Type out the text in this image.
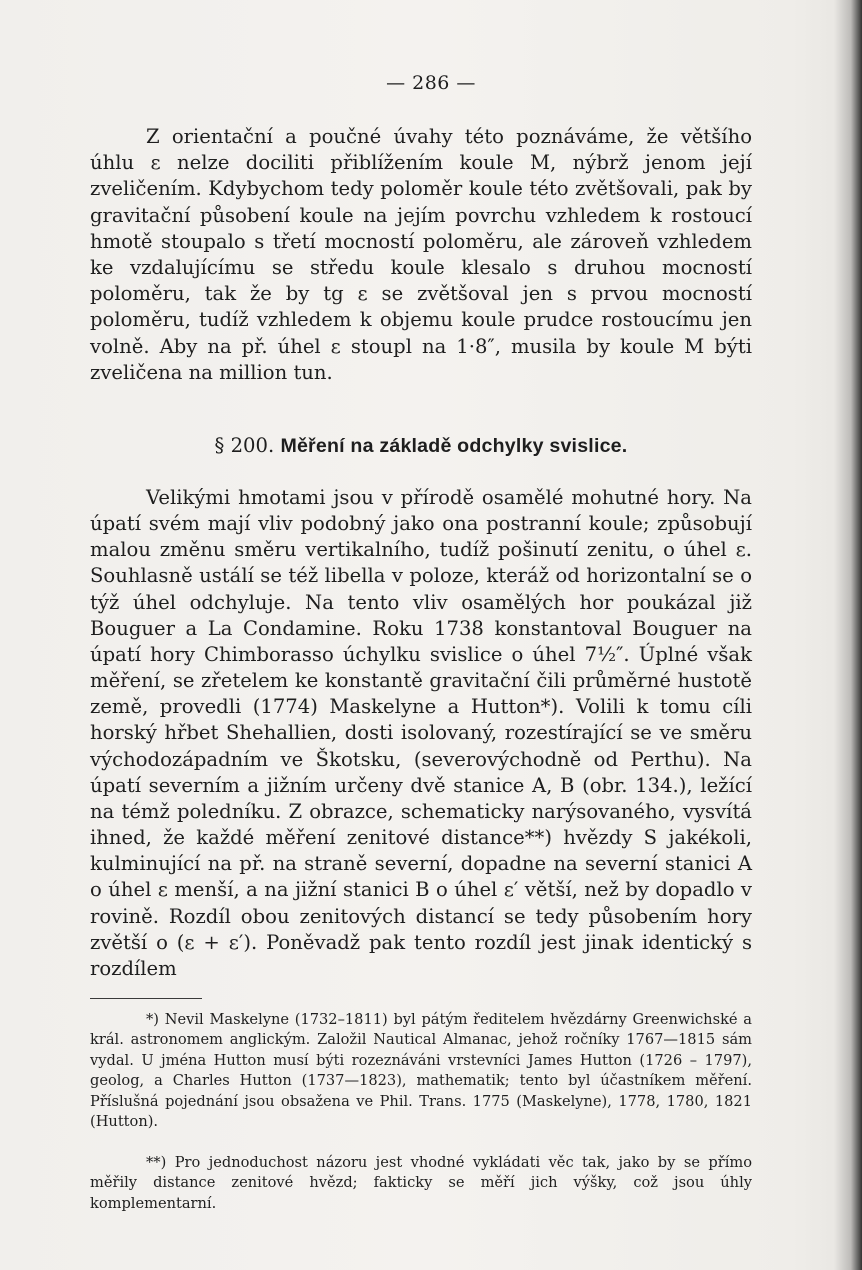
— 286 —

Z orientační a poučné úvahy této poznáváme, že většího úhlu ε nelze dociliti přiblížením koule M, nýbrž jenom její zveličením. Kdybychom tedy poloměr koule této zvětšovali, pak by gravitační působení koule na jejím povrchu vzhledem k rostoucí hmotě stoupalo s třetí mocností poloměru, ale zároveň vzhledem ke vzdalujícímu se středu koule klesalo s druhou mocností poloměru, tak že by tg ε se zvětšoval jen s prvou mocností poloměru, tudíž vzhledem k objemu koule prudce rostoucímu jen volně. Aby na př. úhel ε stoupl na 1·8″, musila by koule M býti zveličena na million tun.

§ 200. Měření na základě odchylky svislice.

Velikými hmotami jsou v přírodě osamělé mohutné hory. Na úpatí svém mají vliv podobný jako ona postranní koule; způsobují malou změnu směru vertikalního, tudíž pošinutí zenitu, o úhel ε. Souhlasně ustálí se též libella v poloze, kteráž od horizontalní se o týž úhel odchyluje. Na tento vliv osamělých hor poukázal již Bouguer a La Condamine. Roku 1738 konstantoval Bouguer na úpatí hory Chimborasso úchylku svislice o úhel 7½″. Úplné však měření, se zřetelem ke konstantě gravitační čili průměrné hustotě země, provedli (1774) Maskelyne a Hutton*). Volili k tomu cíli horský hřbet Shehallien, dosti isolovaný, rozestírající se ve směru východozápadním ve Škotsku, (severovýchodně od Perthu). Na úpatí severním a jižním určeny dvě stanice A, B (obr. 134.), ležící na témž poledníku. Z obrazce, schematicky narýsovaného, vysvítá ihned, že každé měření zenitové distance**) hvězdy S jakékoli, kulminující na př. na straně severní, dopadne na severní stanici A o úhel ε menší, a na jižní stanici B o úhel ε′ větší, než by dopadlo v rovině. Rozdíl obou zenitových distancí se tedy působením hory zvětší o (ε + ε′). Poněvadž pak tento rozdíl jest jinak identický s rozdílem

*) Nevil Maskelyne (1732–1811) byl pátým ředitelem hvězdárny Greenwichské a král. astronomem anglickým. Založil Nautical Almanac, jehož ročníky 1767—1815 sám vydal. U jména Hutton musí býti rozeznáváni vrstevníci James Hutton (1726 – 1797), geolog, a Charles Hutton (1737—1823), mathematik; tento byl účastníkem měření. Příslušná pojednání jsou obsažena ve Phil. Trans. 1775 (Maskelyne), 1778, 1780, 1821 (Hutton).

**) Pro jednoduchost názoru jest vhodné vykládati věc tak, jako by se přímo měřily distance zenitové hvězd; fakticky se měří jich výšky, což jsou úhly komplementarní.
